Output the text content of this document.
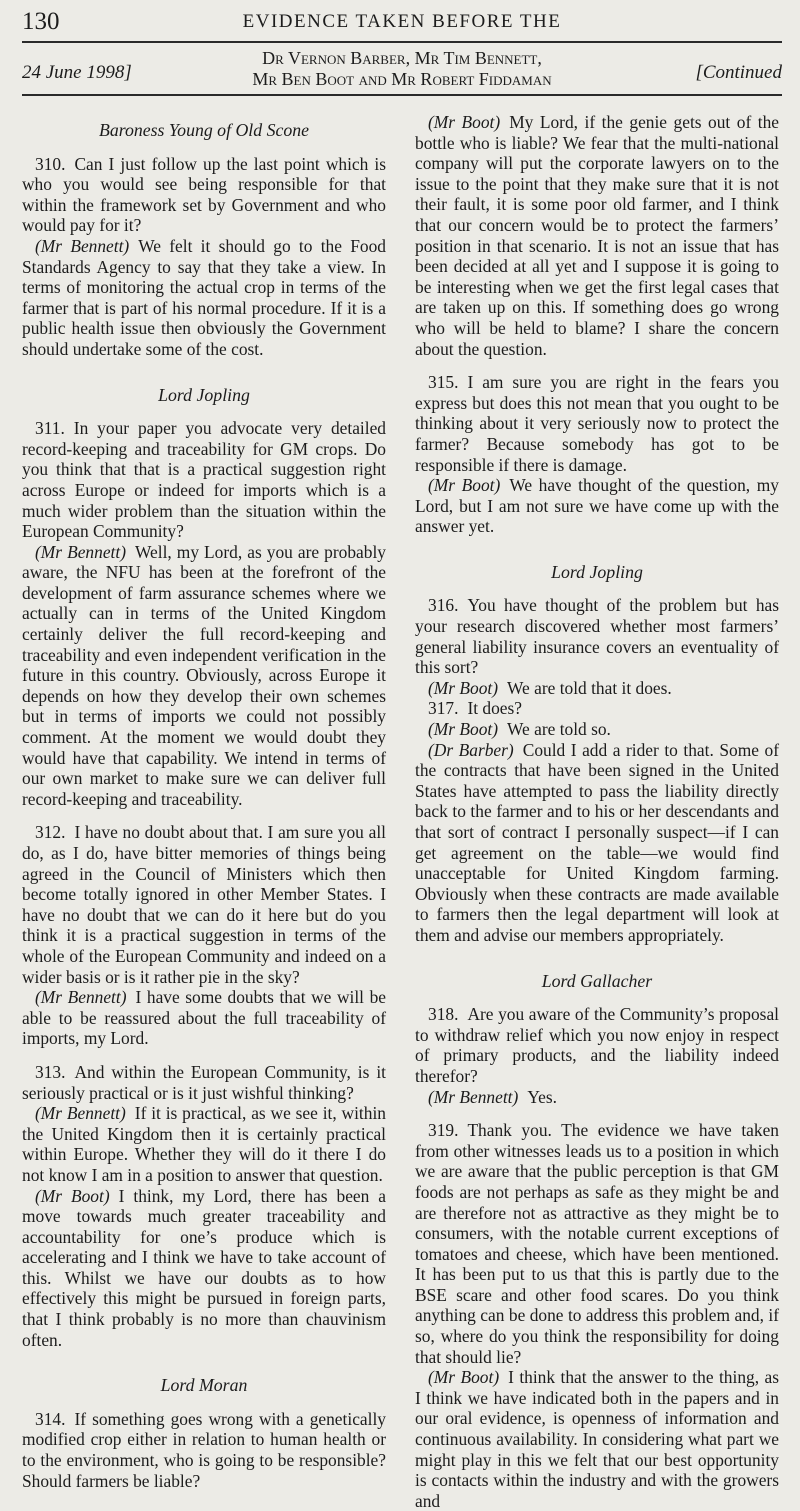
130	EVIDENCE TAKEN BEFORE THE
24 June 1998]
Dr Vernon Barber, Mr Tim Bennett,
Mr Ben Boot and Mr Robert Fiddaman	[Continued
Baroness Young of Old Scone

310. Can I just follow up the last point which is who you would see being responsible for that within the framework set by Government and who would pay for it?

(Mr Bennett) We felt it should go to the Food Standards Agency to say that they take a view. In terms of monitoring the actual crop in terms of the farmer that is part of his normal procedure. If it is a public health issue then obviously the Government should undertake some of the cost.

Lord Jopling

311. In your paper you advocate very detailed record-keeping and traceability for GM crops. Do you think that that is a practical suggestion right across Europe or indeed for imports which is a much wider problem than the situation within the European Community?

(Mr Bennett) Well, my Lord, as you are probably aware, the NFU has been at the forefront of the development of farm assurance schemes where we actually can in terms of the United Kingdom certainly deliver the full record-keeping and traceability and even independent verification in the future in this country. Obviously, across Europe it depends on how they develop their own schemes but in terms of imports we could not possibly comment. At the moment we would doubt they would have that capability. We intend in terms of our own market to make sure we can deliver full record-keeping and traceability.

312. I have no doubt about that. I am sure you all do, as I do, have bitter memories of things being agreed in the Council of Ministers which then become totally ignored in other Member States. I have no doubt that we can do it here but do you think it is a practical suggestion in terms of the whole of the European Community and indeed on a wider basis or is it rather pie in the sky?

(Mr Bennett) I have some doubts that we will be able to be reassured about the full traceability of imports, my Lord.

313. And within the European Community, is it seriously practical or is it just wishful thinking?

(Mr Bennett) If it is practical, as we see it, within the United Kingdom then it is certainly practical within Europe. Whether they will do it there I do not know I am in a position to answer that question.

(Mr Boot) I think, my Lord, there has been a move towards much greater traceability and accountability for one’s produce which is accelerating and I think we have to take account of this. Whilst we have our doubts as to how effectively this might be pursued in foreign parts, that I think probably is no more than chauvinism often.

Lord Moran

314. If something goes wrong with a genetically modified crop either in relation to human health or to the environment, who is going to be responsible? Should farmers be liable?

(Mr Boot) My Lord, if the genie gets out of the bottle who is liable? We fear that the multi-national company will put the corporate lawyers on to the issue to the point that they make sure that it is not their fault, it is some poor old farmer, and I think that our concern would be to protect the farmers’ position in that scenario. It is not an issue that has been decided at all yet and I suppose it is going to be interesting when we get the first legal cases that are taken up on this. If something does go wrong who will be held to blame? I share the concern about the question.

315. I am sure you are right in the fears you express but does this not mean that you ought to be thinking about it very seriously now to protect the farmer? Because somebody has got to be responsible if there is damage.

(Mr Boot) We have thought of the question, my Lord, but I am not sure we have come up with the answer yet.

Lord Jopling

316. You have thought of the problem but has your research discovered whether most farmers’ general liability insurance covers an eventuality of this sort?

(Mr Boot) We are told that it does.

317. It does?

(Mr Boot) We are told so.

(Dr Barber) Could I add a rider to that. Some of the contracts that have been signed in the United States have attempted to pass the liability directly back to the farmer and to his or her descendants and that sort of contract I personally suspect—if I can get agreement on the table—we would find unacceptable for United Kingdom farming. Obviously when these contracts are made available to farmers then the legal department will look at them and advise our members appropriately.

Lord Gallacher

318. Are you aware of the Community’s proposal to withdraw relief which you now enjoy in respect of primary products, and the liability indeed therefor?

(Mr Bennett) Yes.

319. Thank you. The evidence we have taken from other witnesses leads us to a position in which we are aware that the public perception is that GM foods are not perhaps as safe as they might be and are therefore not as attractive as they might be to consumers, with the notable current exceptions of tomatoes and cheese, which have been mentioned. It has been put to us that this is partly due to the BSE scare and other food scares. Do you think anything can be done to address this problem and, if so, where do you think the responsibility for doing that should lie?

(Mr Boot) I think that the answer to the thing, as I think we have indicated both in the papers and in our oral evidence, is openness of information and continuous availability. In considering what part we might play in this we felt that our best opportunity is contacts within the industry and with the growers and
